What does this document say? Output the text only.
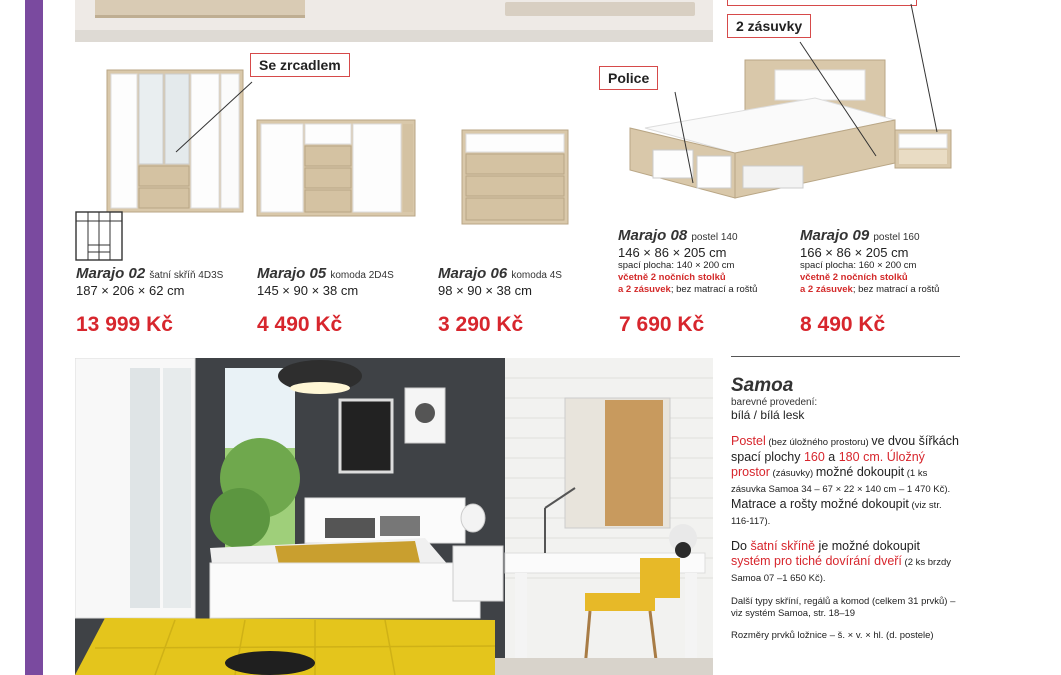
Se zrcadlem
2 zásuvky
Police
Marajo 02 šatní skříň 4D3S
187 × 206 × 62 cm
13 999 Kč
Marajo 05 komoda 2D4S
145 × 90 × 38 cm
4 490 Kč
Marajo 06 komoda 4S
98 × 90 × 38 cm
3 290 Kč
Marajo 08 postel 140
146 × 86 × 205 cm
spací plocha: 140 × 200 cm
včetně 2 nočních stolků
a 2 zásuvek; bez matrací a roštů
7 690 Kč
Marajo 09 postel 160
166 × 86 × 205 cm
spací plocha: 160 × 200 cm
včetně 2 nočních stolků
a 2 zásuvek; bez matrací a roštů
8 490 Kč
Samoa
barevné provedení:
bílá / bílá lesk

Postel (bez úložného prostoru) ve dvou šířkách spací plochy 160 a 180 cm. Úložný prostor (zásuvky) možné dokoupit (1 ks zásuvka Samoa 34 – 67 × 22 × 140 cm – 1 470 Kč).
Matrace a rošty možné dokoupit (viz str. 116-117).

Do šatní skříně je možné dokoupit systém pro tiché dovírání dveří (2 ks brzdy Samoa 07 –1 650 Kč).

Další typy skříní, regálů a komod (celkem 31 prvků) – viz systém Samoa, str. 18–19
Rozměry prvků ložnice – š. × v. × hl. (d. postele)
